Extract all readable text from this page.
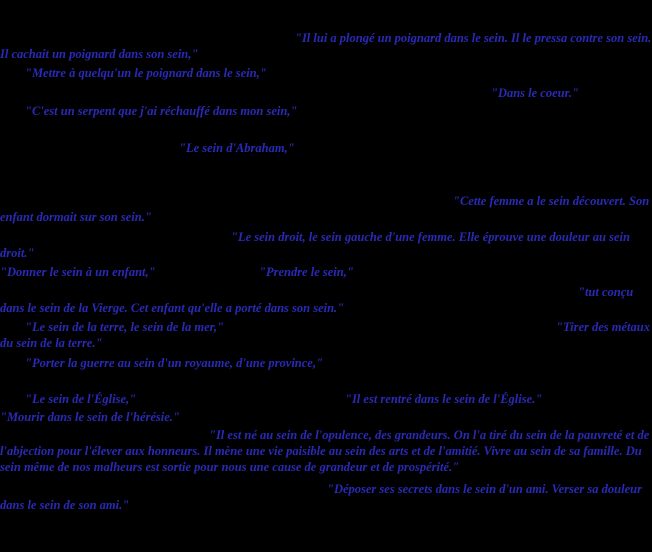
"Il lui a plongé un poignard dans le sein. Il le pressa contre son sein. Il cachait un poignard dans son sein,"
"Mettre à quelqu'un le poignard dans le sein,"
"Dans le coeur."
"C'est un serpent que j'ai réchauffé dans mon sein,"
"Le sein d'Abraham,"
"Cette femme a le sein découvert. Son enfant dormait sur son sein."
"Le sein droit, le sein gauche d'une femme. Elle éprouve une douleur au sein droit."
"Donner le sein à un enfant,"	"Prendre le sein,"
"tut conçu dans le sein de la Vierge. Cet enfant qu'elle a porté dans son sein."
"Le sein de la terre, le sein de la mer,"	"Tirer des métaux du sein de la terre."
"Porter la guerre au sein d'un royaume, d'une province,"
"Le sein de l'Église,"	"Il est rentré dans le sein de l'Église."
"Mourir dans le sein de l'hérésie."
"Il est né au sein de l'opulence, des grandeurs. On l'a tiré du sein de la pauvreté et de l'abjection pour l'élever aux honneurs. Il mène une vie paisible au sein des arts et de l'amitié. Vivre au sein de sa famille. Du sein même de nos malheurs est sortie pour nous une cause de grandeur et de prospérité."
"Déposer ses secrets dans le sein d'un ami. Verser sa douleur dans le sein de son ami."
